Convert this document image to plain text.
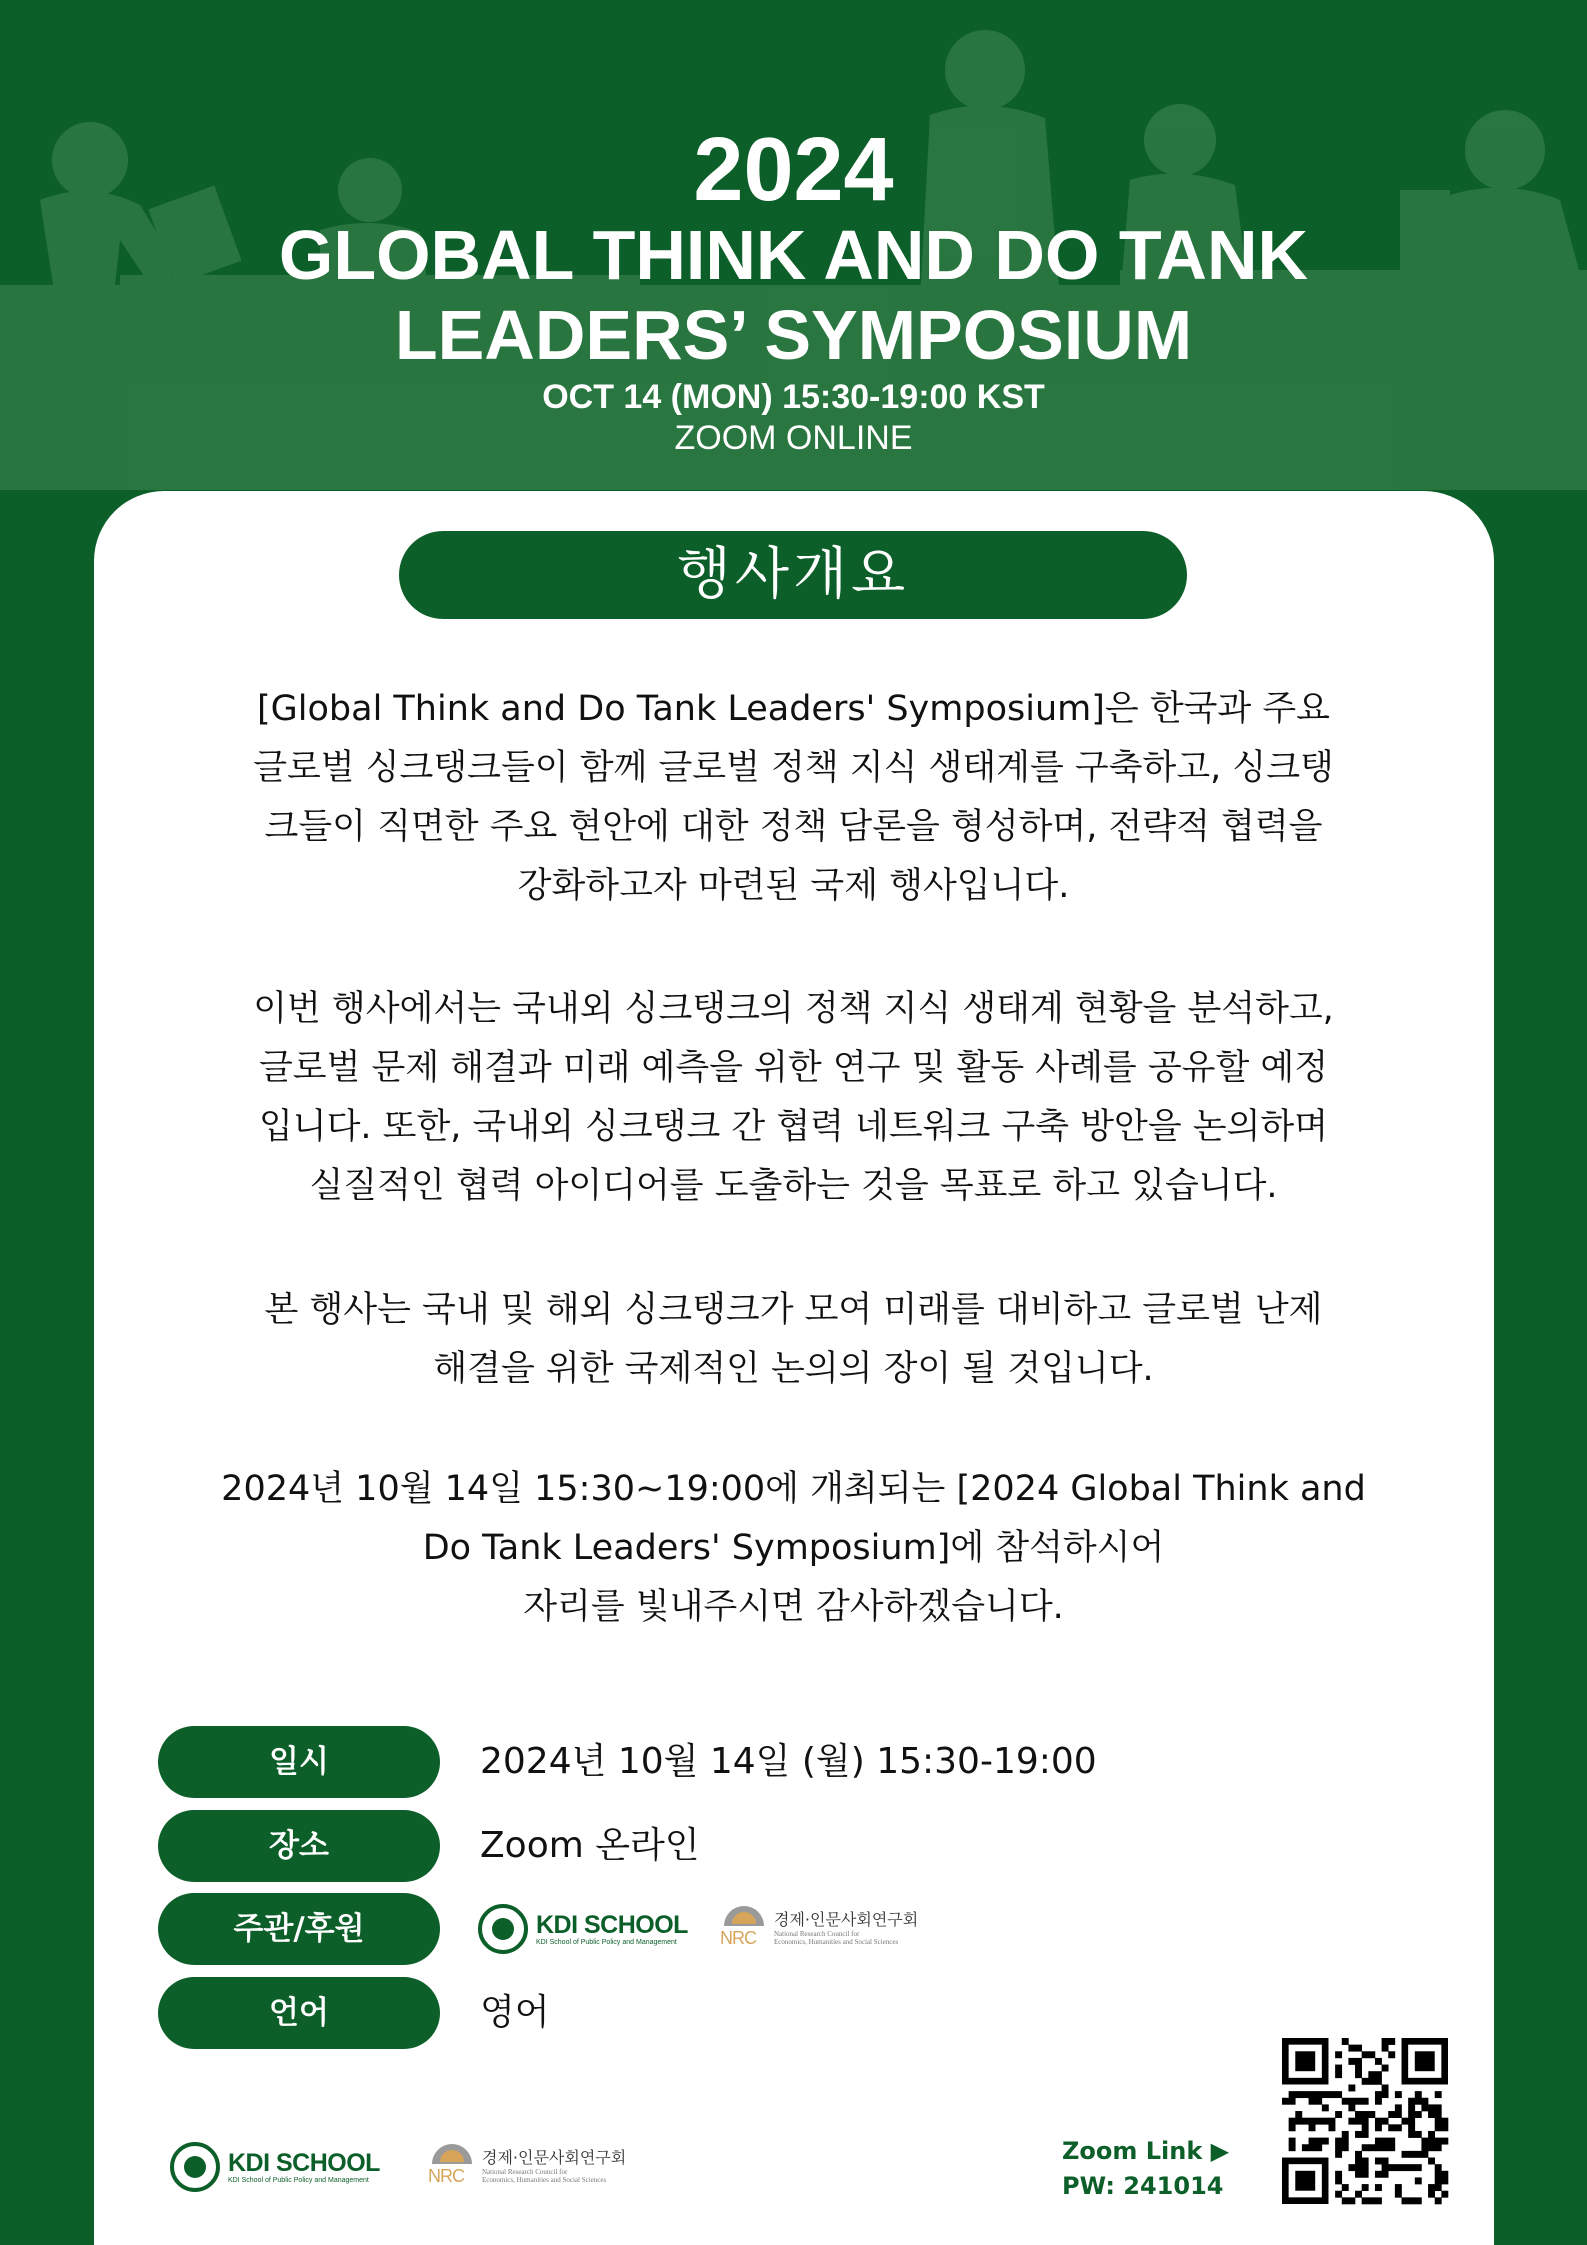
2024
GLOBAL THINK AND DO TANK
LEADERS’ SYMPOSIUM
OCT 14 (MON) 15:30-19:00 KST
ZOOM ONLINE
행사개요
[Global Think and Do Tank Leaders' Symposium]은 한국과 주요
글로벌 싱크탱크들이 함께 글로벌 정책 지식 생태계를 구축하고, 싱크탱
크들이 직면한 주요 현안에 대한 정책 담론을 형성하며, 전략적 협력을
강화하고자 마련된 국제 행사입니다.
이번 행사에서는 국내외 싱크탱크의 정책 지식 생태계 현황을 분석하고,
글로벌 문제 해결과 미래 예측을 위한 연구 및 활동 사례를 공유할 예정
입니다. 또한, 국내외 싱크탱크 간 협력 네트워크 구축 방안을 논의하며
실질적인 협력 아이디어를 도출하는 것을 목표로 하고 있습니다.
본 행사는 국내 및 해외 싱크탱크가 모여 미래를 대비하고 글로벌 난제
해결을 위한 국제적인 논의의 장이 될 것입니다.
2024년 10월 14일 15:30~19:00에 개최되는 [2024 Global Think and
Do Tank Leaders' Symposium]에 참석하시어
자리를 빛내주시면 감사하겠습니다.
일시	2024년 10월 14일 (월) 15:30-19:00
장소	Zoom 온라인
주관/후원	KDI SCHOOL
KDI School of Public Policy and Management	NRC
경제·인문사회연구회
National Research Council for
Economics, Humanities and Social Sciences
언어	영어
KDI SCHOOL
KDI School of Public Policy and Management	NRC
경제·인문사회연구회
National Research Council for
Economics, Humanities and Social Sciences
Zoom Link ▶
PW: 241014
